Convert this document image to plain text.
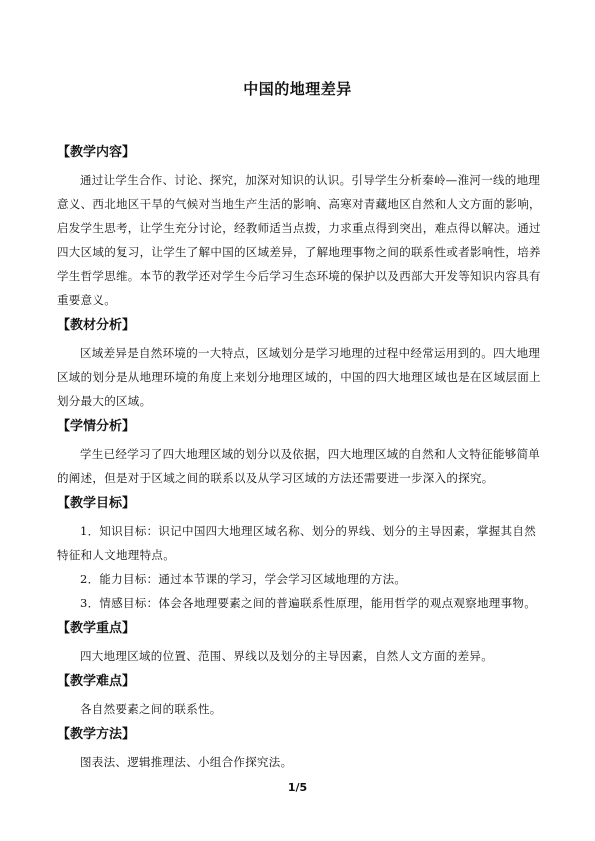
中国的地理差异
【教学内容】

通过让学生合作、讨论、探究，加深对知识的认识。引导学生分析秦岭—淮河一线的地理意义、西北地区干旱的气候对当地生产生活的影响、高寒对青藏地区自然和人文方面的影响，启发学生思考，让学生充分讨论，经教师适当点拨，力求重点得到突出，难点得以解决。通过四大区域的复习，让学生了解中国的区域差异，了解地理事物之间的联系性或者影响性，培养学生哲学思维。本节的教学还对学生今后学习生态环境的保护以及西部大开发等知识内容具有重要意义。

【教材分析】

区域差异是自然环境的一大特点，区域划分是学习地理的过程中经常运用到的。四大地理区域的划分是从地理环境的角度上来划分地理区域的，中国的四大地理区域也是在区域层面上划分最大的区域。

【学情分析】

学生已经学习了四大地理区域的划分以及依据，四大地理区域的自然和人文特征能够简单的阐述，但是对于区域之间的联系以及从学习区域的方法还需要进一步深入的探究。

【教学目标】

1．知识目标：识记中国四大地理区域名称、划分的界线、划分的主导因素，掌握其自然特征和人文地理特点。

2．能力目标：通过本节课的学习，学会学习区域地理的方法。

3．情感目标：体会各地理要素之间的普遍联系性原理，能用哲学的观点观察地理事物。

【教学重点】

四大地理区域的位置、范围、界线以及划分的主导因素，自然人文方面的差异。

【教学难点】

各自然要素之间的联系性。

【教学方法】

图表法、逻辑推理法、小组合作探究法。

1/5
